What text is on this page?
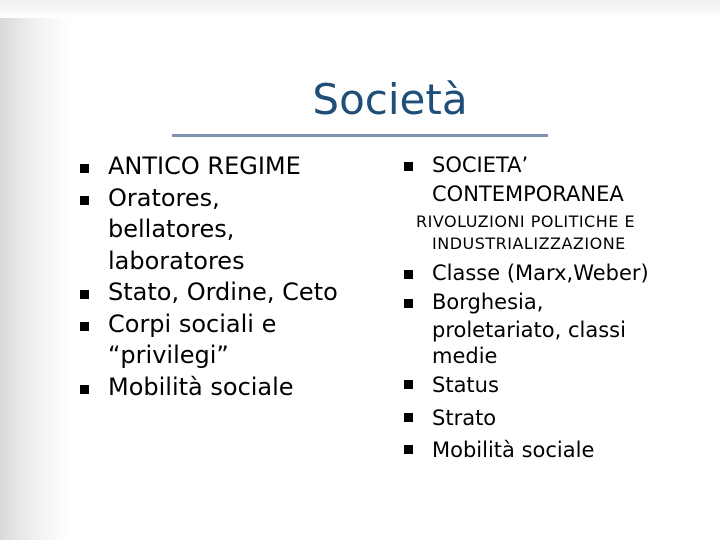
Società
ANTICO REGIME
Oratores,
bellatores,
laboratores
Stato, Ordine, Ceto
Corpi sociali e
“privilegi”
Mobilità sociale
SOCIETA’
CONTEMPORANEA
RIVOLUZIONI POLITICHE E
INDUSTRIALIZZAZIONE
Classe (Marx,Weber)
Borghesia,
proletariato, classi
medie
Status
Strato
Mobilità sociale
